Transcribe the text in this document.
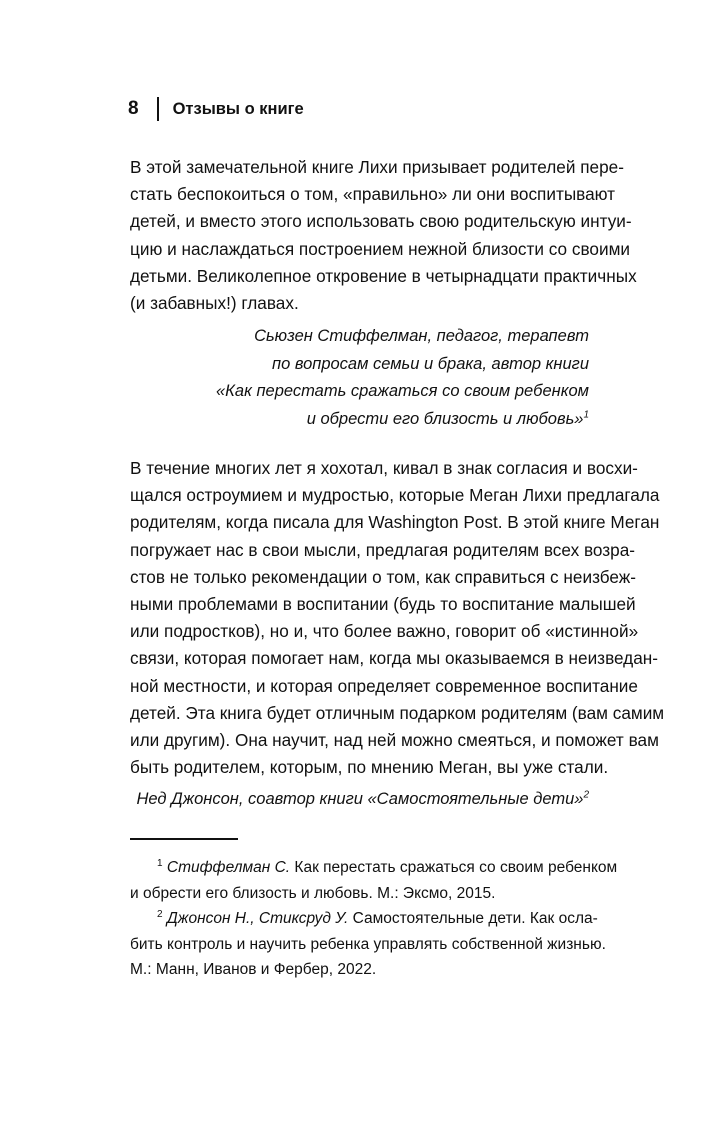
8 Отзывы о книге

В этой замечательной книге Лихи призывает родителей пере-
стать беспокоиться о том, «правильно» ли они воспитывают
детей, и вместо этого использовать свою родительскую интуи-
цию и наслаждаться построением нежной близости со своими
детьми. Великолепное откровение в четырнадцати практичных
(и забавных!) главах.

Сьюзен Стиффелман, педагог, терапевт
по вопросам семьи и брака, автор книги
«Как перестать сражаться со своим ребенком
и обрести его близость и любовь»$^1$

В течение многих лет я хохотал, кивал в знак согласия и восхи-
щался остроумием и мудростью, которые Меган Лихи предлагала
родителям, когда писала для Washington Post. В этой книге Меган
погружает нас в свои мысли, предлагая родителям всех возра-
стов не только рекомендации о том, как справиться с неизбеж-
ными проблемами в воспитании (будь то воспитание малышей
или подростков), но и, что более важно, говорит об «истинной»
связи, которая помогает нам, когда мы оказываемся в неизведан-
ной местности, и которая определяет современное воспитание
детей. Эта книга будет отличным подарком родителям (вам самим
или другим). Она научит, над ней можно смеяться, и поможет вам
быть родителем, которым, по мнению Меган, вы уже стали.

Нед Джонсон, соавтор книги «Самостоятельные дети»$^2$

$^1$ Стиффелман С. Как перестать сражаться со своим ребенком
и обрести его близость и любовь. М.: Эксмо, 2015.
$^2$ Джонсон Н., Стиксруд У. Самостоятельные дети. Как осла-
бить контроль и научить ребенка управлять собственной жизнью.
М.: Манн, Иванов и Фербер, 2022.
